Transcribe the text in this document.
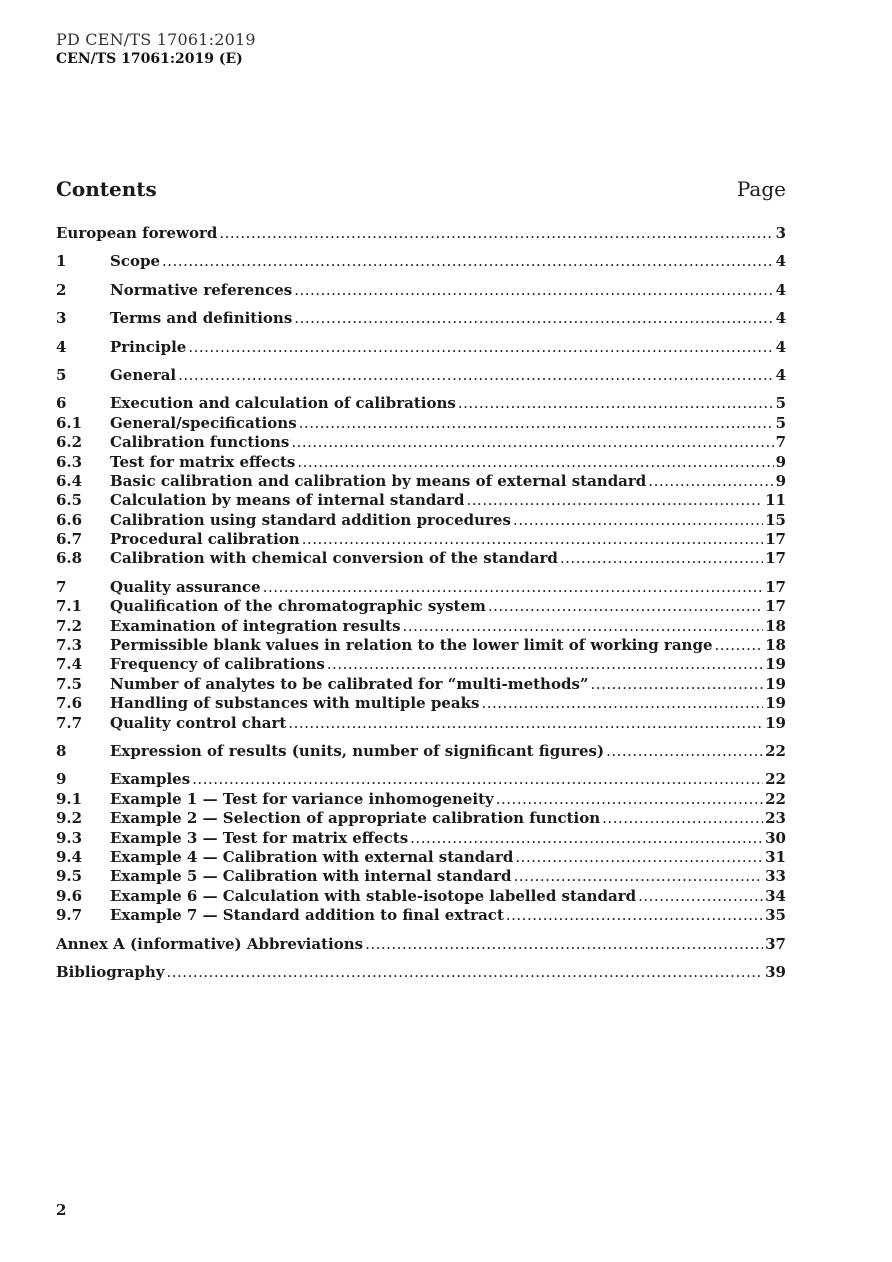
PD CEN/TS 17061:2019
CEN/TS 17061:2019 (E)
Contents	Page
European foreword .....	3
1	Scope .....	4
2	Normative references .....	4
3	Terms and definitions .....	4
4	Principle .....	4
5	General .....	4
6	Execution and calculation of calibrations .....	5
6.1	General/specifications .....	5
6.2	Calibration functions .....	7
6.3	Test for matrix effects .....	9
6.4	Basic calibration and calibration by means of external standard .....	9
6.5	Calculation by means of internal standard .....	11
6.6	Calibration using standard addition procedures .....	15
6.7	Procedural calibration .....	17
6.8	Calibration with chemical conversion of the standard .....	17
7	Quality assurance .....	17
7.1	Qualification of the chromatographic system .....	17
7.2	Examination of integration results .....	18
7.3	Permissible blank values in relation to the lower limit of working range .....	18
7.4	Frequency of calibrations .....	19
7.5	Number of analytes to be calibrated for “multi-methods” .....	19
7.6	Handling of substances with multiple peaks .....	19
7.7	Quality control chart .....	19
8	Expression of results (units, number of significant figures) .....	22
9	Examples .....	22
9.1	Example 1 — Test for variance inhomogeneity .....	22
9.2	Example 2 — Selection of appropriate calibration function .....	23
9.3	Example 3 — Test for matrix effects .....	30
9.4	Example 4 — Calibration with external standard .....	31
9.5	Example 5 — Calibration with internal standard .....	33
9.6	Example 6 — Calculation with stable-isotope labelled standard .....	34
9.7	Example 7 — Standard addition to final extract .....	35
Annex A (informative) Abbreviations .....	37
Bibliography .....	39
2
